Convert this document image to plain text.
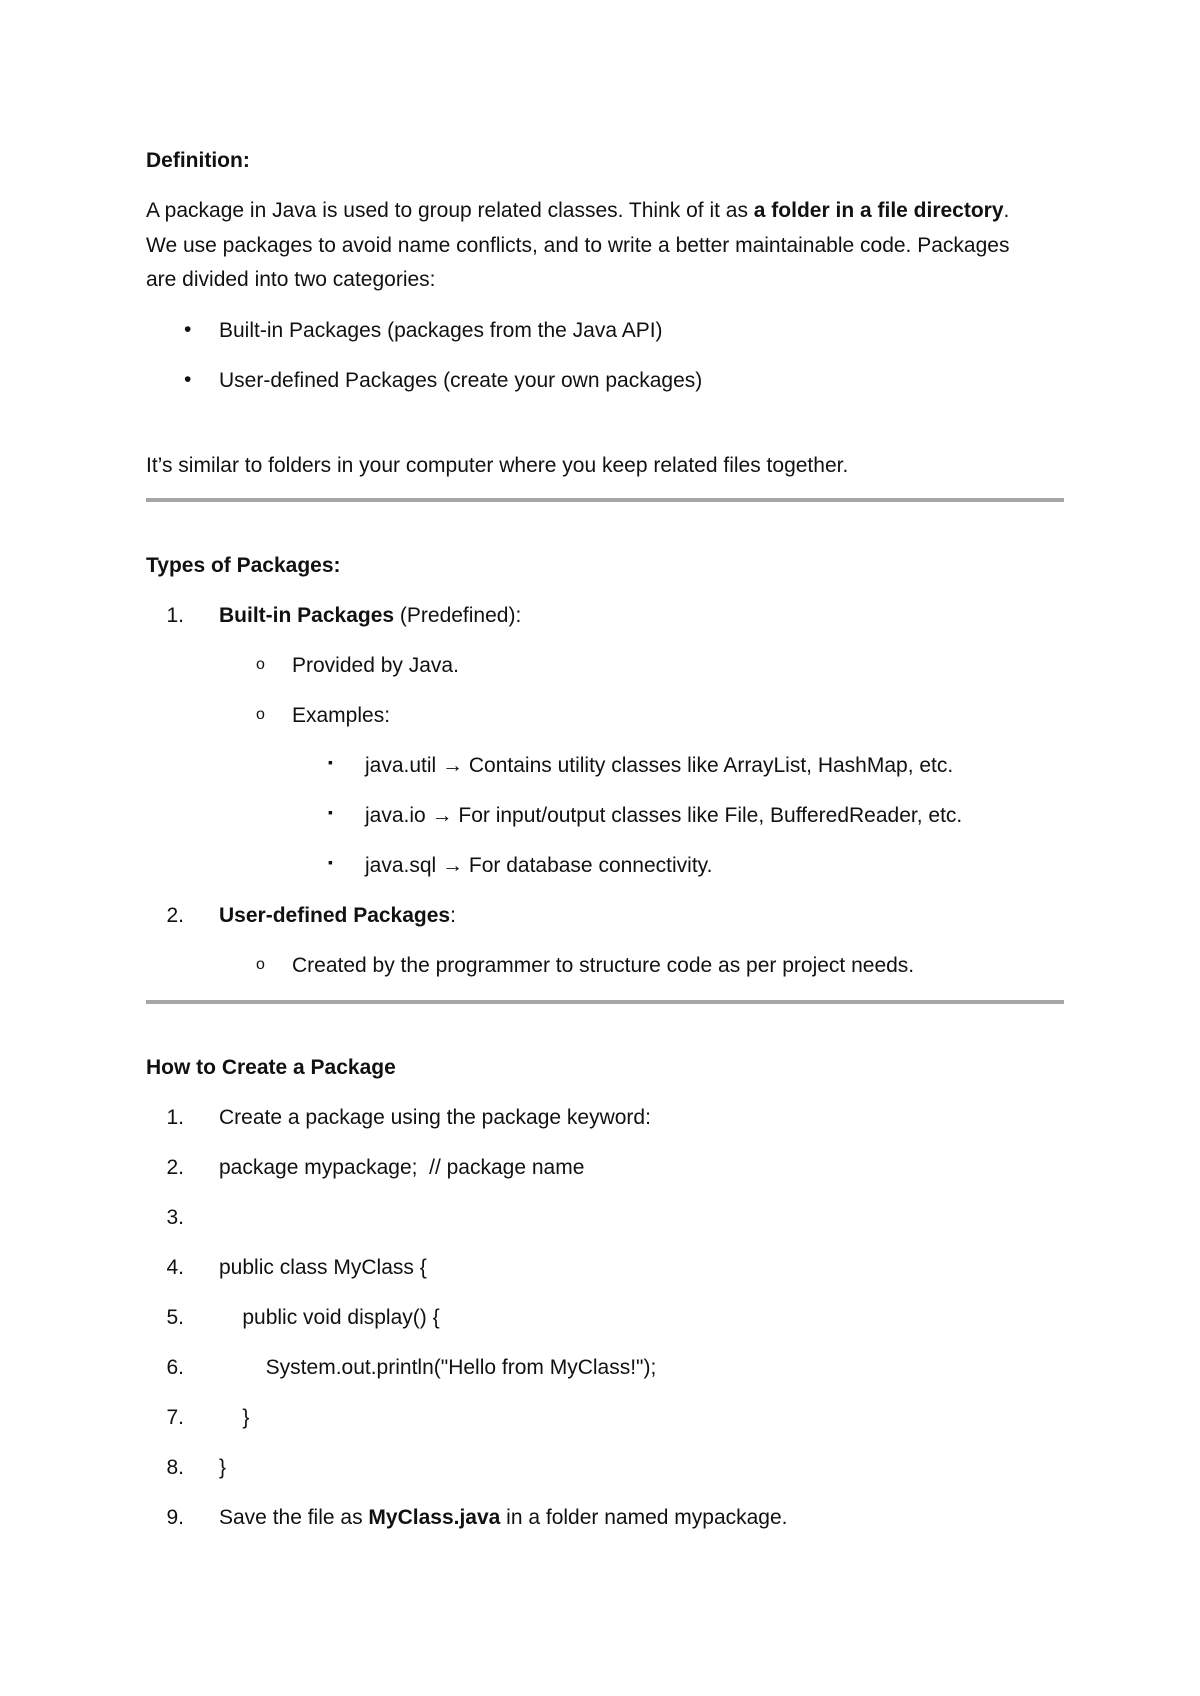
Definition:
A package in Java is used to group related classes. Think of it as a folder in a file directory.
We use packages to avoid name conflicts, and to write a better maintainable code. Packages
are divided into two categories:
• Built-in Packages (packages from the Java API)
• User-defined Packages (create your own packages)
It’s similar to folders in your computer where you keep related files together.
Types of Packages:
1. Built-in Packages (Predefined):
o Provided by Java.
o Examples:
▪ java.util → Contains utility classes like ArrayList, HashMap, etc.
▪ java.io → For input/output classes like File, BufferedReader, etc.
▪ java.sql → For database connectivity.
2. User-defined Packages:
o Created by the programmer to structure code as per project needs.
How to Create a Package
1. Create a package using the package keyword:
2. package mypackage;  // package name
3.
4. public class MyClass {
5. public void display() {
6. System.out.println("Hello from MyClass!");
7. }
8. }
9. Save the file as MyClass.java in a folder named mypackage.
